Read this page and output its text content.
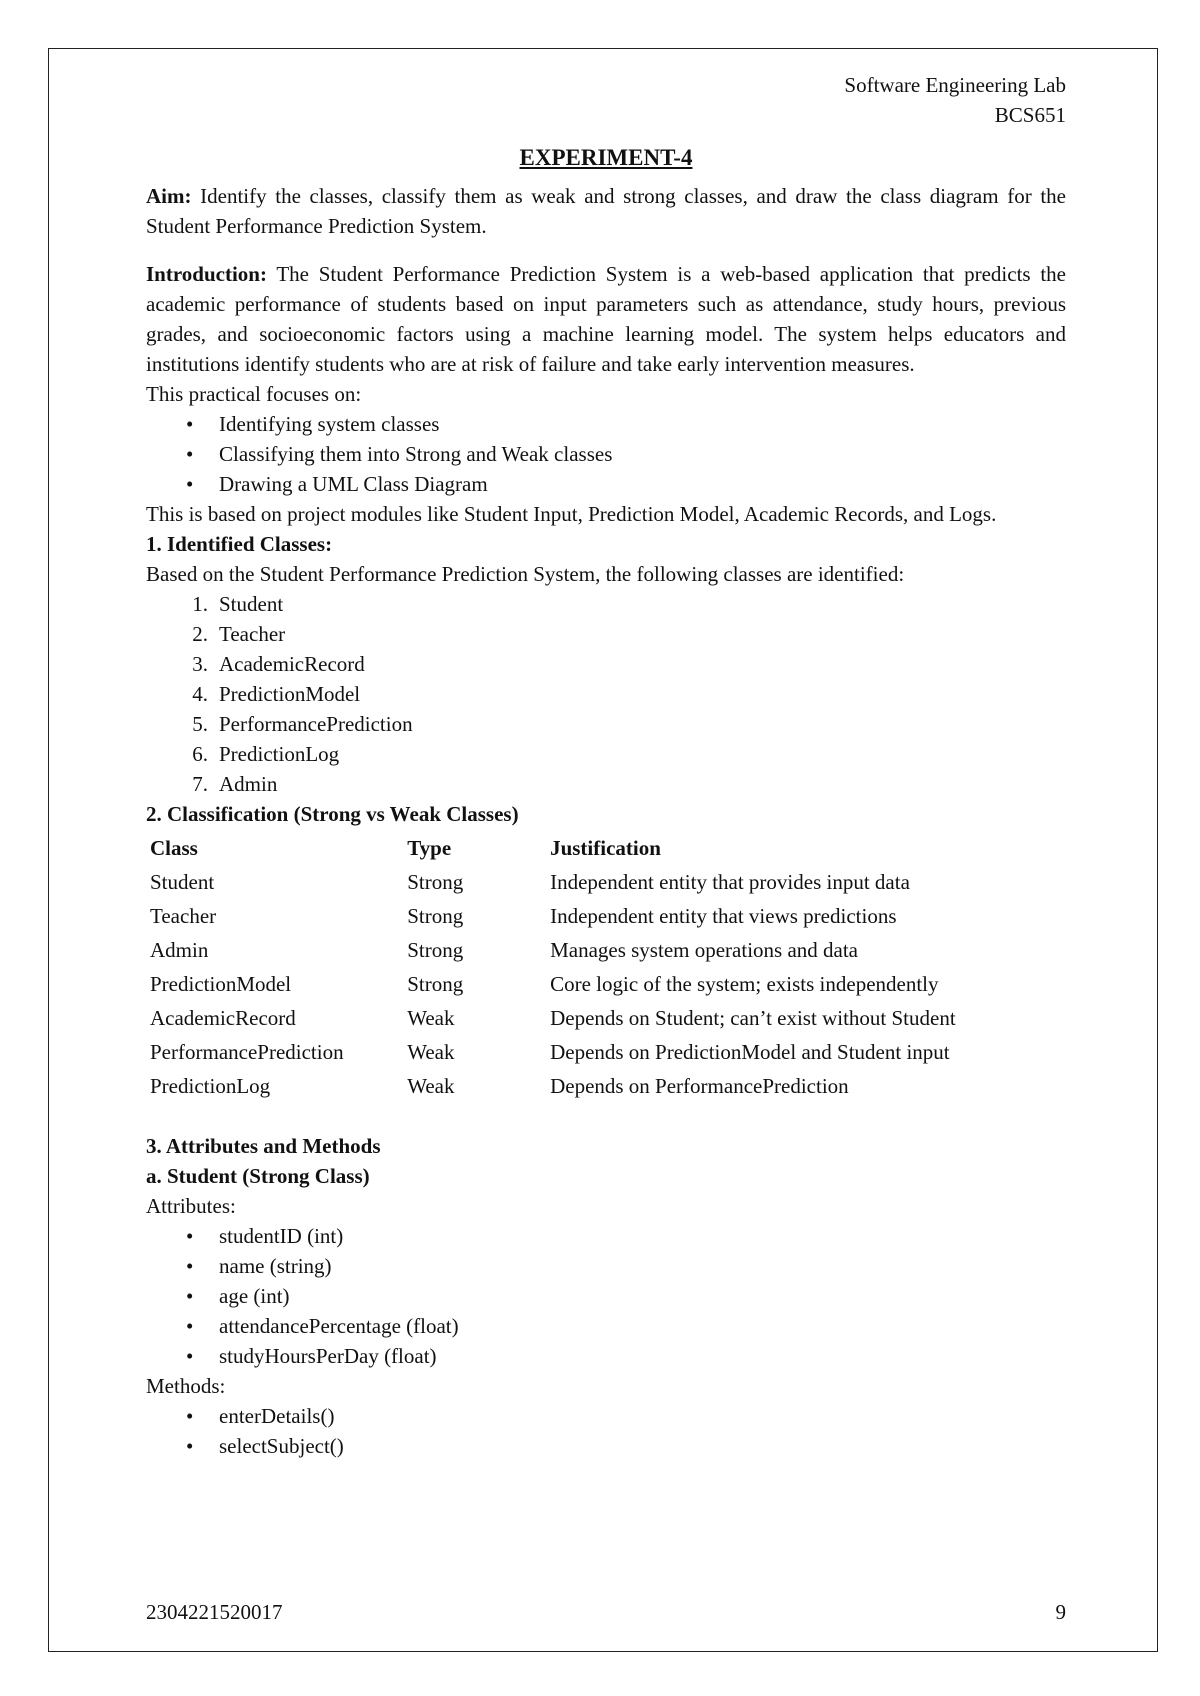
Software Engineering Lab
BCS651
EXPERIMENT-4

Aim: Identify the classes, classify them as weak and strong classes, and draw the class diagram for the Student Performance Prediction System.

Introduction: The Student Performance Prediction System is a web-based application that predicts the academic performance of students based on input parameters such as attendance, study hours, previous grades, and socioeconomic factors using a machine learning model. The system helps educators and institutions identify students who are at risk of failure and take early intervention measures.

This practical focuses on:

• Identifying system classes
• Classifying them into Strong and Weak classes
• Drawing a UML Class Diagram

This is based on project modules like Student Input, Prediction Model, Academic Records, and Logs.

1. Identified Classes:

Based on the Student Performance Prediction System, the following classes are identified:

1. Student
2. Teacher
3. AcademicRecord
4. PredictionModel
5. PerformancePrediction
6. PredictionLog
7. Admin

2. Classification (Strong vs Weak Classes)

Class	Type	Justification
Student	Strong	Independent entity that provides input data
Teacher	Strong	Independent entity that views predictions
Admin	Strong	Manages system operations and data
PredictionModel	Strong	Core logic of the system; exists independently
AcademicRecord	Weak	Depends on Student; can’t exist without Student
PerformancePrediction	Weak	Depends on PredictionModel and Student input
PredictionLog	Weak	Depends on PerformancePrediction

3. Attributes and Methods

a. Student (Strong Class)

Attributes:

• studentID (int)
• name (string)
• age (int)
• attendancePercentage (float)
• studyHoursPerDay (float)

Methods:

• enterDetails()
• selectSubject()
2304221520017	9
